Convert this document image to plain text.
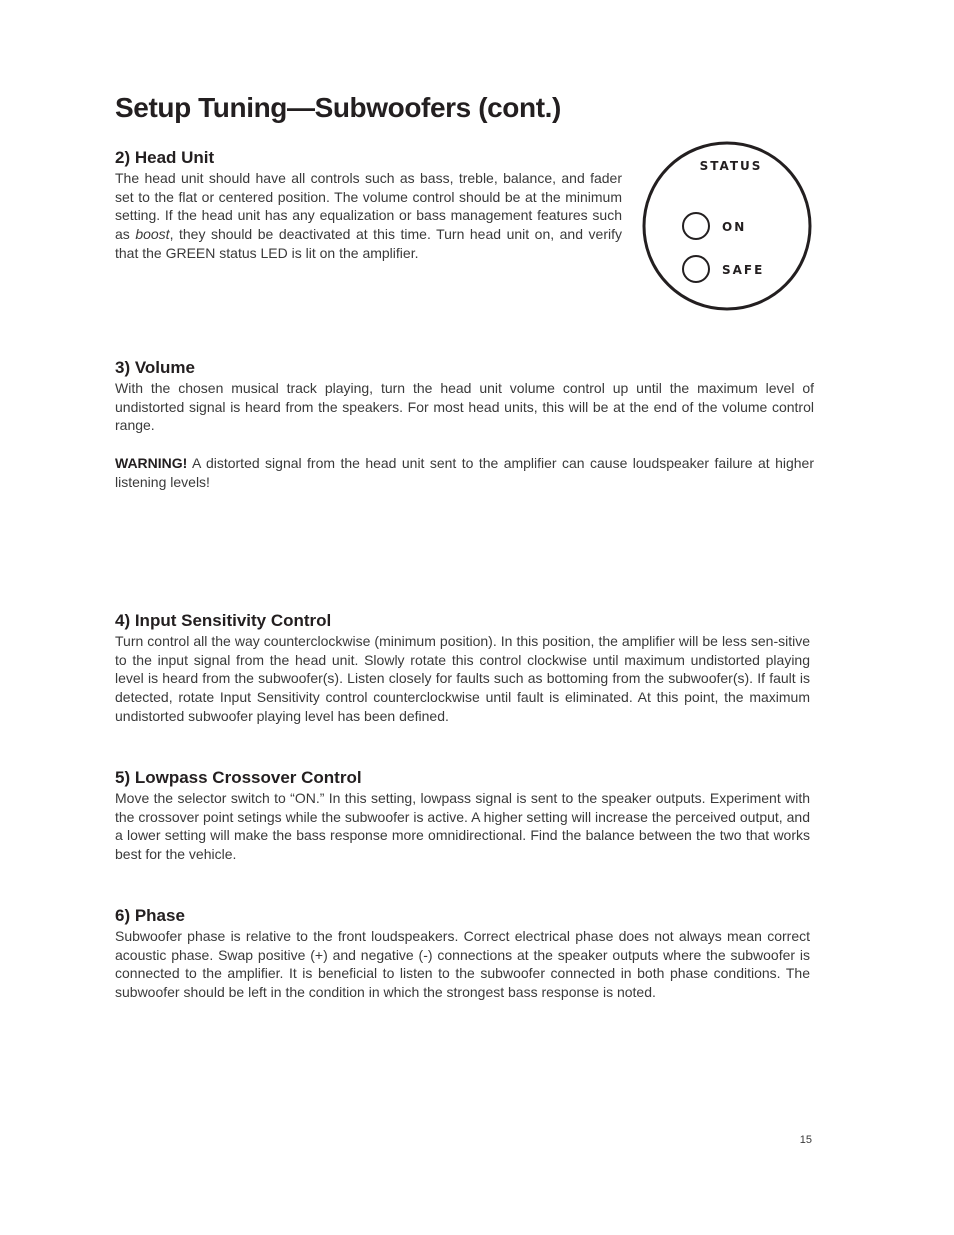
Setup Tuning—Subwoofers (cont.)
2) Head Unit

The head unit should have all controls such as bass, treble, balance, and fader set to the flat or centered position. The volume control should be at the minimum setting. If the head unit has any equalization or bass management features such as boost, they should be deactivated at this time. Turn head unit on, and verify that the GREEN status LED is lit on the amplifier.

STATUS
ON
SAFE
3) Volume

With the chosen musical track playing, turn the head unit volume control up until the maximum level of undistorted signal is heard from the speakers. For most head units, this will be at the end of the volume control range.

WARNING! A distorted signal from the head unit sent to the amplifier can cause loudspeaker failure at higher listening levels!

4) Input Sensitivity Control

Turn control all the way counterclockwise (minimum position). In this position, the amplifier will be less sen-sitive to the input signal from the head unit. Slowly rotate this control clockwise until maximum undistorted playing level is heard from the subwoofer(s). Listen closely for faults such as bottoming from the subwoofer(s). If fault is detected, rotate Input Sensitivity control counterclockwise until fault is eliminated. At this point, the maximum undistorted subwoofer playing level has been defined.

5) Lowpass Crossover Control

Move the selector switch to “ON.” In this setting, lowpass signal is sent to the speaker outputs. Experiment with the crossover point setings while the subwoofer is active. A higher setting will increase the perceived output, and a lower setting will make the bass response more omnidirectional. Find the balance between the two that works best for the vehicle.

6) Phase

Subwoofer phase is relative to the front loudspeakers. Correct electrical phase does not always mean correct acoustic phase. Swap positive (+) and negative (-) connections at the speaker outputs where the subwoofer is connected to the amplifier. It is beneficial to listen to the subwoofer connected in both phase conditions. The subwoofer should be left in the condition in which the strongest bass response is noted.

15
